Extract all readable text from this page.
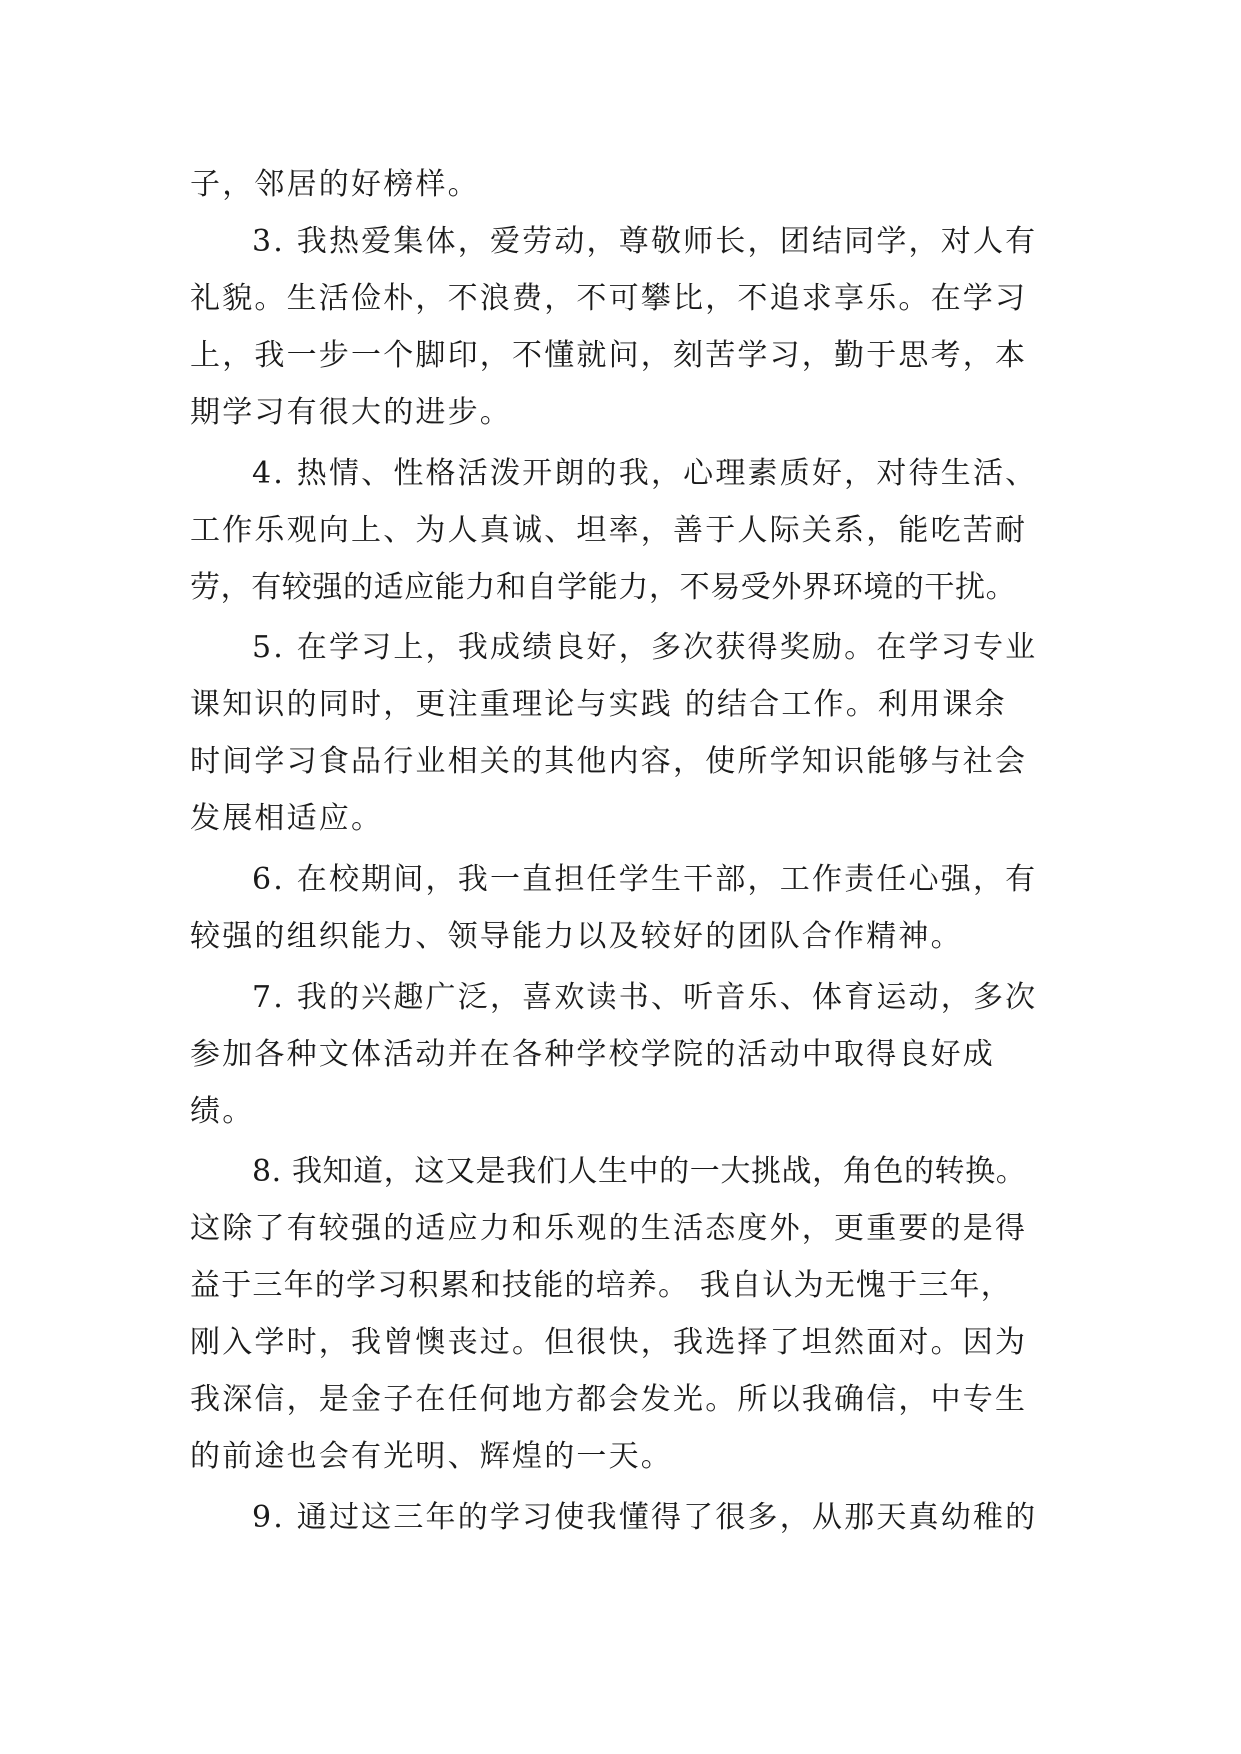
子，邻居的好榜样。
3. 我热爱集体，爱劳动，尊敬师长，团结同学，对人有
礼貌。生活俭朴，不浪费，不可攀比，不追求享乐。在学习
上，我一步一个脚印，不懂就问，刻苦学习，勤于思考，本
期学习有很大的进步。
4. 热情、性格活泼开朗的我，心理素质好，对待生活、
工作乐观向上、为人真诚、坦率，善于人际关系，能吃苦耐
劳，有较强的适应能力和自学能力，不易受外界环境的干扰。
5. 在学习上，我成绩良好，多次获得奖励。在学习专业
课知识的同时，更注重理论与实践 的结合工作。利用课余
时间学习食品行业相关的其他内容，使所学知识能够与社会
发展相适应。
6. 在校期间，我一直担任学生干部，工作责任心强，有
较强的组织能力、领导能力以及较好的团队合作精神。
7. 我的兴趣广泛，喜欢读书、听音乐、体育运动，多次
参加各种文体活动并在各种学校学院的活动中取得良好成
绩。
8. 我知道，这又是我们人生中的一大挑战，角色的转换。
这除了有较强的适应力和乐观的生活态度外，更重要的是得
益于三年的学习积累和技能的培养。 我自认为无愧于三年，
刚入学时，我曾懊丧过。但很快，我选择了坦然面对。因为
我深信，是金子在任何地方都会发光。所以我确信，中专生
的前途也会有光明、辉煌的一天。
9. 通过这三年的学习使我懂得了很多，从那天真幼稚的
